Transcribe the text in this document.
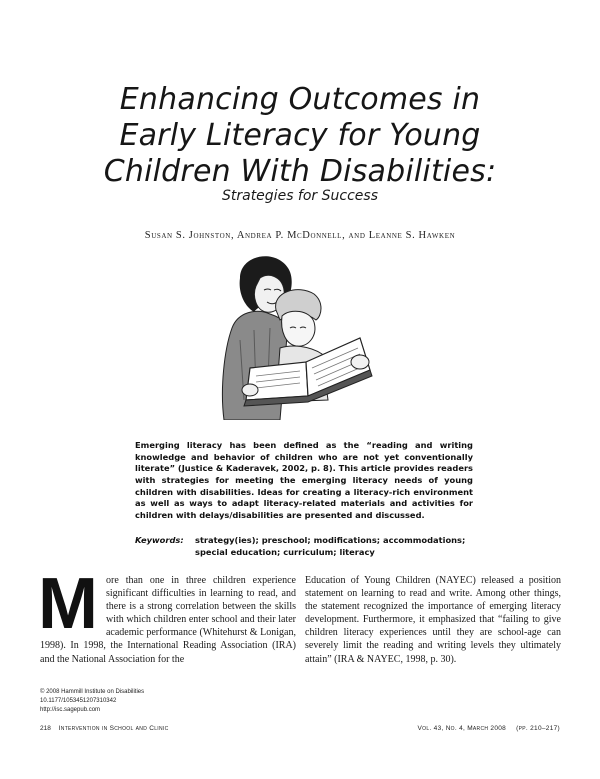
Enhancing Outcomes in
Early Literacy for Young
Children With Disabilities:
Strategies for Success
Susan S. Johnston, Andrea P. McDonnell, and Leanne S. Hawken

Emerging literacy has been defined as the “reading and writing knowledge and behavior of children who are not yet conventionally literate” (Justice & Kaderavek, 2002, p. 8). This article provides readers with strategies for meeting the emerging literacy needs of young children with disabilities. Ideas for creating a literacy-rich environment as well as ways to adapt literacy-related materials and activities for children with delays/disabilities are presented and discussed.

Keywords: strategy(ies); preschool; modifications; accommodations; special education; curriculum; literacy
M ore than one in three children experience significant difficulties in learning to read, and there is a strong correlation between the skills with which children enter school and their later academic performance (Whitehurst & Lonigan, 1998). In 1998, the International Reading Association (IRA) and the National Association for the
Education of Young Children (NAYEC) released a position statement on learning to read and write. Among other things, the statement recognized the importance of emerging literacy development. Furthermore, it emphasized that “failing to give children literacy experiences until they are school-age can severely limit the reading and writing levels they ultimately attain” (IRA & NAYEC, 1998, p. 30).
© 2008 Hammill Institute on Disabilities
10.1177/1053451207310342
http://isc.sagepub.com
218 Intervention in School and Clinic	Vol. 43, No. 4, March 2008 (pp. 210–217)
